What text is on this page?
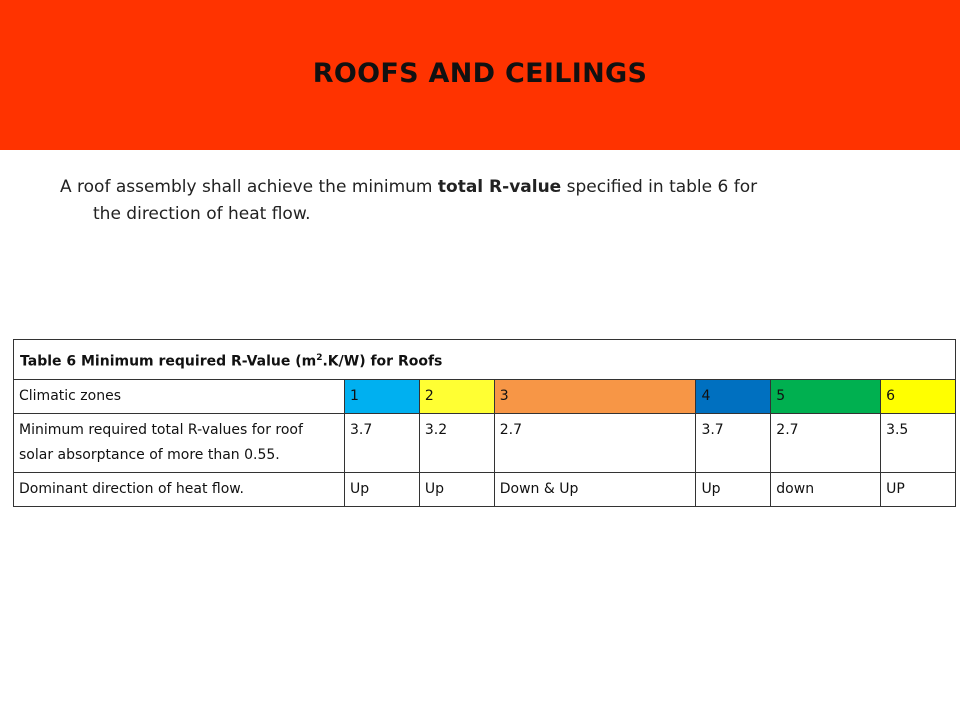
ROOFS AND CEILINGS
A roof assembly shall achieve the minimum total R-value specified in table 6 for
the direction of heat flow.
Table 6 Minimum required R-Value $(m^2.K/W)$ for Roofs						
Climatic zones	1	2	3	4	5	6
Minimum required total R-values for roof solar absorptance of more than 0.55.	3.7	3.2	2.7	3.7	2.7	3.5
Dominant direction of heat flow.	Up	Up	Down & Up	Up	down	UP
